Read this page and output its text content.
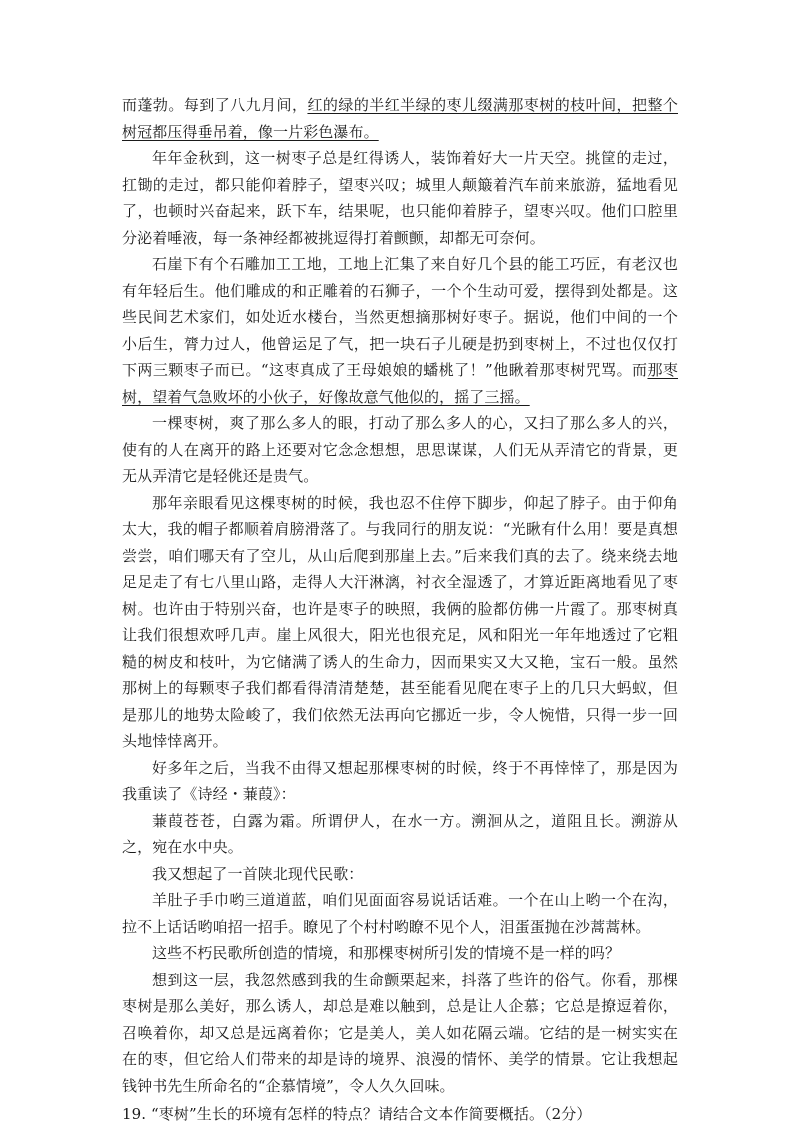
而蓬勃。每到了八九月间，红的绿的半红半绿的枣儿缀满那枣树的枝叶间，把整个树冠都压得垂吊着，像一片彩色瀑布。

年年金秋到，这一树枣子总是红得诱人，装饰着好大一片天空。挑筐的走过，扛锄的走过，都只能仰着脖子，望枣兴叹；城里人颠簸着汽车前来旅游，猛地看见了，也顿时兴奋起来，跃下车，结果呢，也只能仰着脖子，望枣兴叹。他们口腔里分泌着唾液，每一条神经都被挑逗得打着颤颤，却都无可奈何。

石崖下有个石雕加工工地，工地上汇集了来自好几个县的能工巧匠，有老汉也有年轻后生。他们雕成的和正雕着的石狮子，一个个生动可爱，摆得到处都是。这些民间艺术家们，如处近水楼台，当然更想摘那树好枣子。据说，他们中间的一个小后生，膂力过人，他曾运足了气，把一块石子儿硬是扔到枣树上，不过也仅仅打下两三颗枣子而已。“这枣真成了王母娘娘的蟠桃了！”他瞅着那枣树咒骂。而那枣树，望着气急败坏的小伙子，好像故意气他似的，摇了三摇。

一棵枣树，爽了那么多人的眼，打动了那么多人的心，又扫了那么多人的兴，使有的人在离开的路上还要对它念念想想，思思谋谋，人们无从弄清它的背景，更无从弄清它是轻佻还是贵气。

那年亲眼看见这棵枣树的时候，我也忍不住停下脚步，仰起了脖子。由于仰角太大，我的帽子都顺着肩膀滑落了。与我同行的朋友说：“光瞅有什么用！要是真想尝尝，咱们哪天有了空儿，从山后爬到那崖上去。”后来我们真的去了。绕来绕去地足足走了有七八里山路，走得人大汗淋漓，衬衣全湿透了，才算近距离地看见了枣树。也许由于特别兴奋，也许是枣子的映照，我俩的脸都仿佛一片霞了。那枣树真让我们很想欢呼几声。崖上风很大，阳光也很充足，风和阳光一年年地透过了它粗糙的树皮和枝叶，为它储满了诱人的生命力，因而果实又大又艳，宝石一般。虽然那树上的每颗枣子我们都看得清清楚楚，甚至能看见爬在枣子上的几只大蚂蚁，但是那儿的地势太险峻了，我们依然无法再向它挪近一步，令人惋惜，只得一步一回头地悻悻离开。

好多年之后，当我不由得又想起那棵枣树的时候，终于不再悻悻了，那是因为我重读了《诗经・蒹葭》：

蒹葭苍苍，白露为霜。所谓伊人，在水一方。溯洄从之，道阻且长。溯游从之，宛在水中央。

我又想起了一首陕北现代民歌：

羊肚子手巾哟三道道蓝，咱们见面面容易说话话难。一个在山上哟一个在沟，拉不上话话哟咱招一招手。瞭见了个村村哟瞭不见个人，泪蛋蛋抛在沙蒿蒿林。

这些不朽民歌所创造的情境，和那棵枣树所引发的情境不是一样的吗？

想到这一层，我忽然感到我的生命颤栗起来，抖落了些许的俗气。你看，那棵枣树是那么美好，那么诱人，却总是难以触到，总是让人企慕；它总是撩逗着你，召唤着你，却又总是远离着你；它是美人，美人如花隔云端。它结的是一树实实在在的枣，但它给人们带来的却是诗的境界、浪漫的情怀、美学的情景。它让我想起钱钟书先生所命名的“企慕情境”，令人久久回味。

19. “枣树”生长的环境有怎样的特点？请结合文本作简要概括。（2分）
